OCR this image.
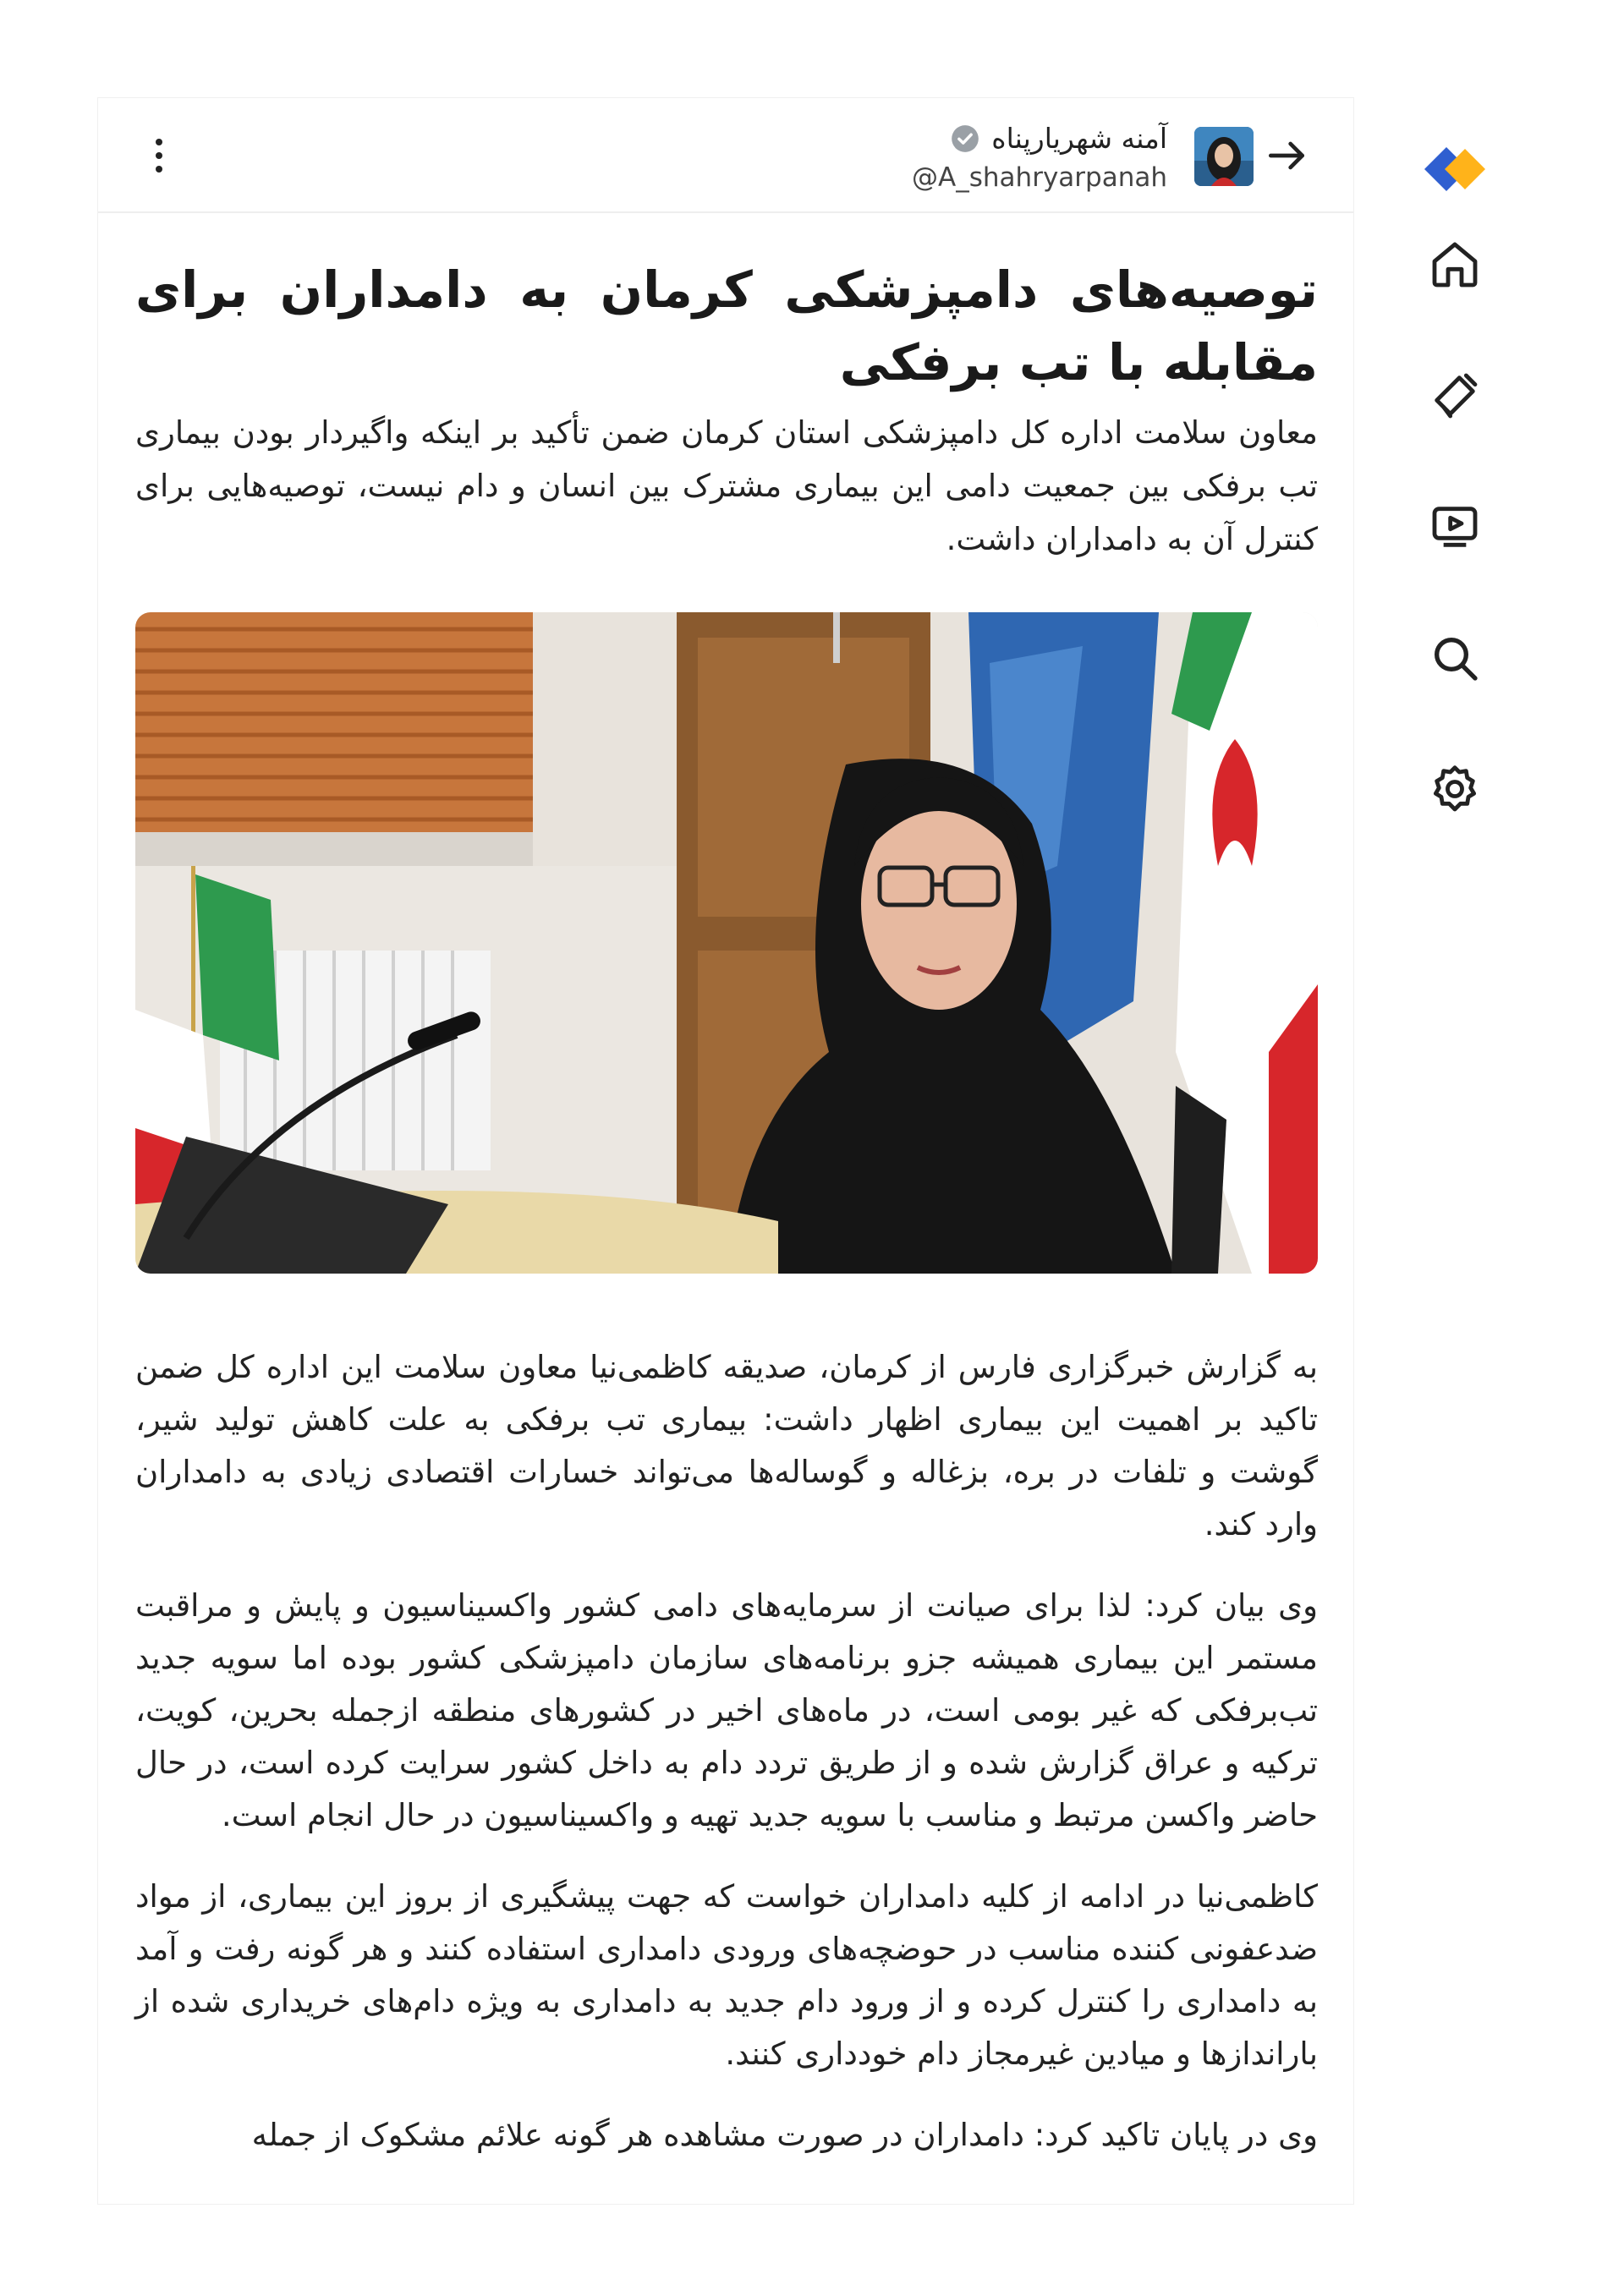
آمنه شهریارپناه
@A_shahryarpanah
توصیه‌های دامپزشکی کرمان به دامداران برای مقابله با تب برفکی

معاون سلامت اداره کل دامپزشکی استان کرمان ضمن تأکید بر اینکه واگیردار بودن بیماری تب برفکی بین جمعیت دامی این بیماری مشترک بین انسان و دام نیست، توصیه‌هایی برای کنترل آن به دامداران داشت.

به گزارش خبرگزاری فارس از کرمان، صدیقه کاظمی‌نیا معاون سلامت این اداره کل ضمن تاکید بر اهمیت این بیماری اظهار داشت: بیماری تب برفکی به علت کاهش تولید شیر، گوشت و تلفات در بره، بزغاله و گوساله‌ها می‌تواند خسارات اقتصادی زیادی به دامداران وارد کند.

وی بیان کرد: لذا برای صیانت از سرمایه‌های دامی کشور واکسیناسیون و پایش و مراقبت مستمر این بیماری همیشه جزو برنامه‌های سازمان دامپزشکی کشور بوده اما سویه جدید تب‌برفکی که غیر بومی است، در ماه‌های اخیر در کشورهای منطقه ازجمله بحرین، کویت، ترکیه و عراق گزارش شده و از طریق تردد دام به داخل کشور سرایت کرده است، در حال حاضر واکسن مرتبط و مناسب با سویه جدید تهیه و واکسیناسیون در حال انجام است.

کاظمی‌نیا در ادامه از کلیه دامداران خواست که جهت پیشگیری از بروز این بیماری، از مواد ضدعفونی کننده مناسب در حوضچه‌های ورودی دامداری استفاده کنند و هر گونه رفت و آمد به دامداری را کنترل کرده و از ورود دام جدید به دامداری به ویژه دام‌های خریداری شده از باراندازها و میادین غیرمجاز دام خودداری کنند.

وی در پایان تاکید کرد: دامداران در صورت مشاهده هر گونه علائم مشکوک از جمله
